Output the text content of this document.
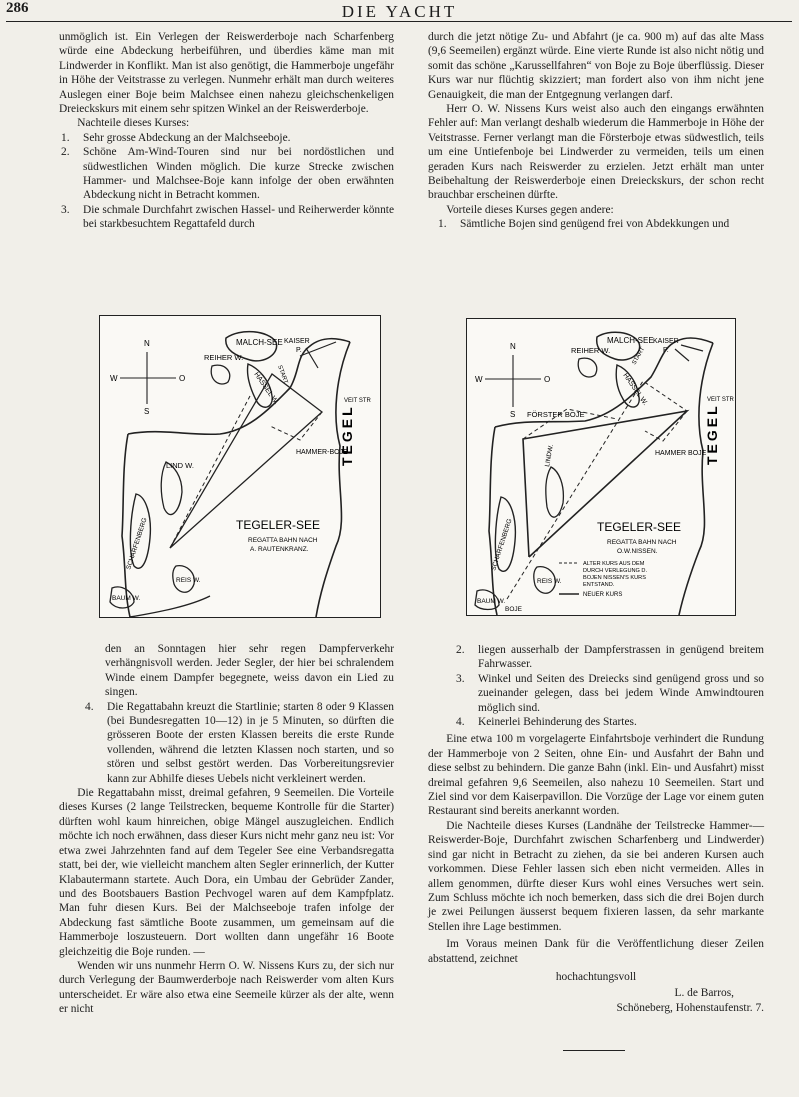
286	DIE YACHT

unmöglich ist. Ein Verlegen der Reiswerderboje nach Scharfenberg würde eine Abdeckung herbeiführen, und überdies käme man mit Lindwerder in Konflikt. Man ist also genötigt, die Hammerboje ungefähr in Höhe der Veitstrasse zu verlegen. Nunmehr erhält man durch weiteres Auslegen einer Boje beim Malchsee einen nahezu gleichschenkeligen Dreieckskurs mit einem sehr spitzen Winkel an der Reiswerderboje.

Nachteile dieses Kurses:

1.	Sehr grosse Abdeckung an der Malchseeboje.
2.	Schöne Am-Wind-Touren sind nur bei nordöstlichen und südwestlichen Winden möglich. Die kurze Strecke zwischen Hammer- und Malchsee-Boje kann infolge der oben erwähnten Abdeckung nicht in Betracht kommen.
3.	Die schmale Durchfahrt zwischen Hassel- und Reiherwerder könnte bei starkbesuchtem Regattafeld durch

durch die jetzt nötige Zu- und Abfahrt (je ca. 900 m) auf das alte Mass (9,6 Seemeilen) ergänzt würde. Eine vierte Runde ist also nicht nötig und somit das schöne „Karussellfahren“ von Boje zu Boje überflüssig. Dieser Kurs war nur flüchtig skizziert; man fordert also von ihm nicht jene Genauigkeit, die man der Entgegnung verlangen darf.

Herr O. W. Nissens Kurs weist also auch den eingangs erwähnten Fehler auf: Man verlangt deshalb wiederum die Hammerboje in Höhe der Veitstrasse. Ferner verlangt man die Försterboje etwas südwestlich, teils um eine Untiefenboje bei Lindwerder zu vermeiden, teils um einen geraden Kurs nach Reiswerder zu erzielen. Jetzt erhält man unter Beibehaltung der Reiswerderboje einen Dreieckskurs, der schon recht brauchbar erscheinen dürfte.

Vorteile dieses Kurses gegen andere:

1.	Sämtliche Bojen sind genügend frei von Abdekkungen und
N
S
W	O
MALCH-SEE KAISER
P.
START
REIHER W.
HASSEL W.
TEGEL
VEIT STR
HAMMER-BOJE
LIND W.
SCHARFENBERG	TEGELER-SEE
REGATTA BAHN NACH
A. RAUTENKRANZ.
REIS W.
BAUM W.
N
S
W	O
MALCH-SEE KAISER
P.
START
REIHER W.
HASSEL W.
TEGEL
VEIT STR
FÖRSTER BOJE
HAMMER BOJE
LINDW.
SCHARFENBERG	TEGELER-SEE
REGATTA BAHN NACH
O.W.NISSEN.
ALTER KURS AUS DEM
DURCH VERLEGUNG D.
BOJEN NISSEN'S KURS
ENTSTAND.
NEUER KURS
REIS W.
BAUM W.
BOJE

den an Sonntagen hier sehr regen Dampferverkehr verhängnisvoll werden. Jeder Segler, der hier bei schralendem Winde einem Dampfer begegnete, weiss davon ein Lied zu singen.

4.	Die Regattabahn kreuzt die Startlinie; starten 8 oder 9 Klassen (bei Bundesregatten 10—12) in je 5 Minuten, so dürften die grösseren Boote der ersten Klassen bereits die erste Runde vollenden, während die letzten Klassen noch starten, und so stören und selbst gestört werden. Das Vorbereitungsrevier kann zur Abhilfe dieses Uebels nicht verkleinert werden.

Die Regattabahn misst, dreimal gefahren, 9 Seemeilen. Die Vorteile dieses Kurses (2 lange Teilstrecken, bequeme Kontrolle für die Starter) dürften wohl kaum hinreichen, obige Mängel auszugleichen. Endlich möchte ich noch erwähnen, dass dieser Kurs nicht mehr ganz neu ist: Vor etwa zwei Jahrzehnten fand auf dem Tegeler See eine Verbandsregatta statt, bei der, wie vielleicht manchem alten Segler erinnerlich, der Kutter Klabautermann startete. Auch Dora, ein Umbau der Gebrüder Zander, und des Bootsbauers Bastion Pechvogel waren auf dem Kampfplatz. Man fuhr diesen Kurs. Bei der Malchseeboje trafen infolge der Abdeckung fast sämtliche Boote zusammen, um gemeinsam auf die Hammerboje loszusteuern. Dort wollten dann ungefähr 16 Boote gleichzeitig die Boje runden. —

Wenden wir uns nunmehr Herrn O. W. Nissens Kurs zu, der sich nur durch Verlegung der Baumwerderboje nach Reiswerder vom alten Kurs unterscheidet. Er wäre also etwa eine Seemeile kürzer als der alte, wenn er nicht

2.	liegen ausserhalb der Dampferstrassen in genügend breitem Fahrwasser.
3.	Winkel und Seiten des Dreiecks sind genügend gross und so zueinander gelegen, dass bei jedem Winde Amwindtouren möglich sind.
4.	Keinerlei Behinderung des Startes.

Eine etwa 100 m vorgelagerte Einfahrtsboje verhindert die Rundung der Hammerboje von 2 Seiten, ohne Ein- und Ausfahrt der Bahn und diese selbst zu behindern. Die ganze Bahn (inkl. Ein- und Ausfahrt) misst dreimal gefahren 9,6 Seemeilen, also nahezu 10 Seemeilen. Start und Ziel sind vor dem Kaiserpavillon. Die Vorzüge der Lage vor einem guten Restaurant sind bereits anerkannt worden.

Die Nachteile dieses Kurses (Landnähe der Teilstrecke Hammer-—Reiswerder-Boje, Durchfahrt zwischen Scharfenberg und Lindwerder) sind gar nicht in Betracht zu ziehen, da sie bei anderen Kursen auch vorkommen. Diese Fehler lassen sich eben nicht vermeiden. Alles in allem genommen, dürfte dieser Kurs wohl eines Versuches wert sein. Zum Schluss möchte ich noch bemerken, dass sich die drei Bojen durch je zwei Peilungen äusserst bequem fixieren lassen, da sehr markante Stellen ihre Lage bestimmen.

Im Voraus meinen Dank für die Veröffentlichung dieser Zeilen abstattend, zeichnet

hochachtungsvoll

L. de Barros,

Schöneberg, Hohenstaufenstr. 7.
